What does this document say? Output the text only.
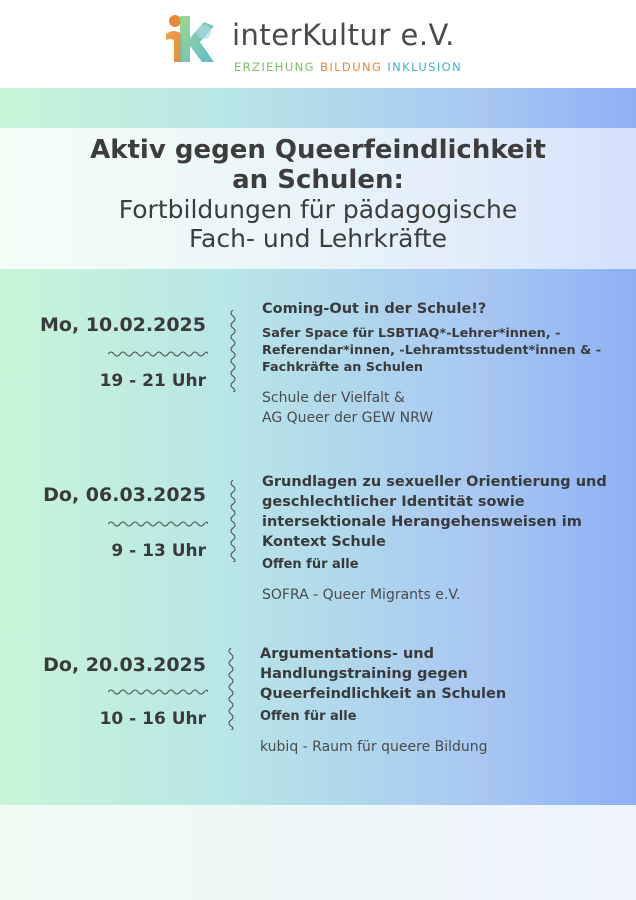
interKultur e.V.
ERZIEHUNG BILDUNG INKLUSION
Aktiv gegen Queerfeindlichkeit
an Schulen:
Fortbildungen für pädagogische
Fach- und Lehrkräfte
Mo, 10.02.2025
19 - 21 Uhr
Coming-Out in der Schule!?
Safer Space für LSBTIAQ*-Lehrer*innen, -Referendar*innen, -Lehramtsstudent*innen & -Fachkräfte an Schulen
Schule der Vielfalt &
AG Queer der GEW NRW
Do, 06.03.2025
9 - 13 Uhr
Grundlagen zu sexueller Orientierung und geschlechtlicher Identität sowie intersektionale Herangehensweisen im Kontext Schule
Offen für alle
SOFRA - Queer Migrants e.V.
Do, 20.03.2025
10 - 16 Uhr
Argumentations- und Handlungstraining gegen Queerfeindlichkeit an Schulen
Offen für alle
kubiq - Raum für queere Bildung
